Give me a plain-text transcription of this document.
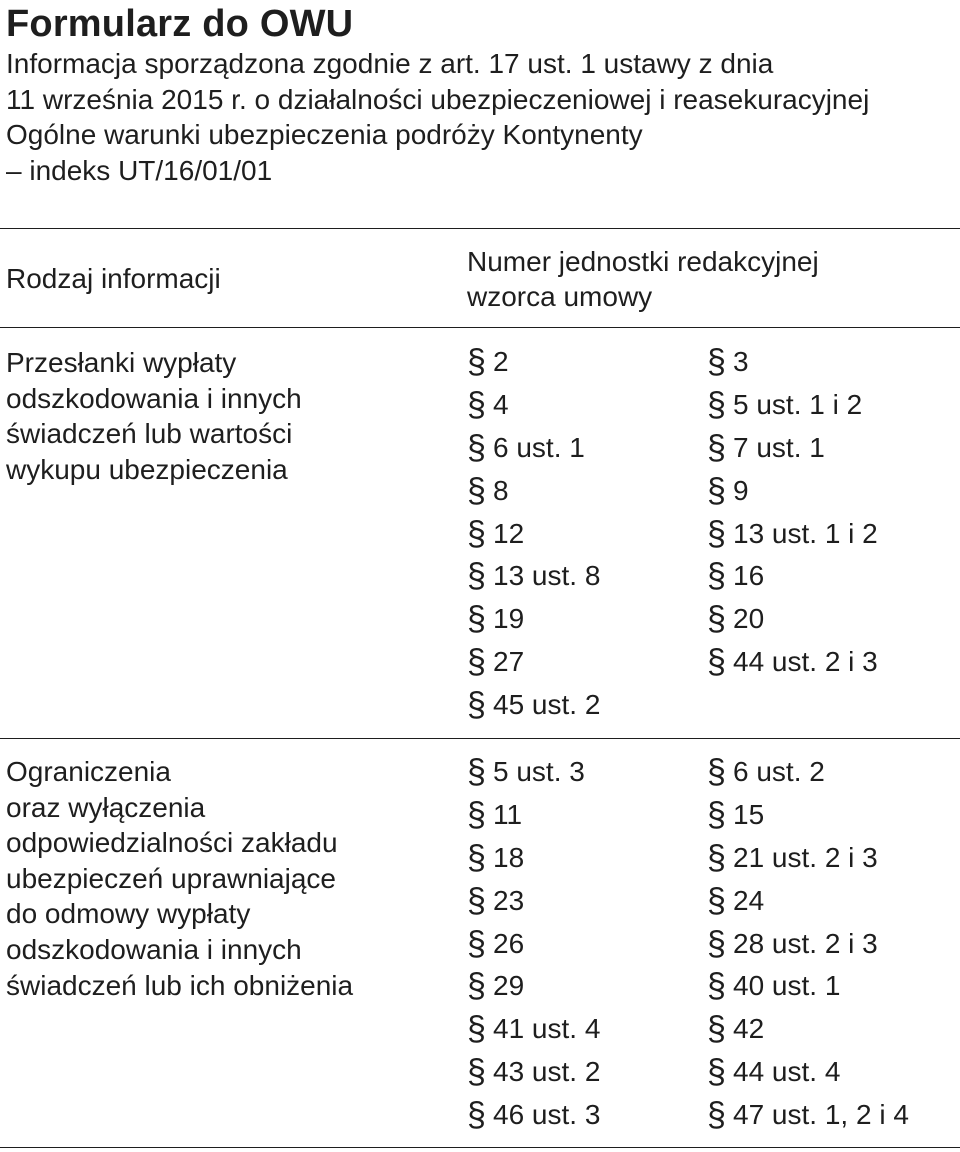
Formularz do OWU
Informacja sporządzona zgodnie z art. 17 ust. 1 ustawy z dnia
11 września 2015 r. o działalności ubezpieczeniowej i reasekuracyjnej
Ogólne warunki ubezpieczenia podróży Kontynenty
– indeks UT/16/01/01
Rodzaj informacji
Numer jednostki redakcyjnej
wzorca umowy
Przesłanki wypłaty
odszkodowania i innych
świadczeń lub wartości
wykupu ubezpieczenia
§ 2
§ 4
§ 6 ust. 1
§ 8
§ 12
§ 13 ust. 8
§ 19
§ 27
§ 45 ust. 2
§ 3
§ 5 ust. 1 i 2
§ 7 ust. 1
§ 9
§ 13 ust. 1 i 2
§ 16
§ 20
§ 44 ust. 2 i 3
Ograniczenia
oraz wyłączenia
odpowiedzialności zakładu
ubezpieczeń uprawniające
do odmowy wypłaty
odszkodowania i innych
świadczeń lub ich obniżenia
§ 5 ust. 3
§ 11
§ 18
§ 23
§ 26
§ 29
§ 41 ust. 4
§ 43 ust. 2
§ 46 ust. 3
§ 6 ust. 2
§ 15
§ 21 ust. 2 i 3
§ 24
§ 28 ust. 2 i 3
§ 40 ust. 1
§ 42
§ 44 ust. 4
§ 47 ust. 1, 2 i 4
